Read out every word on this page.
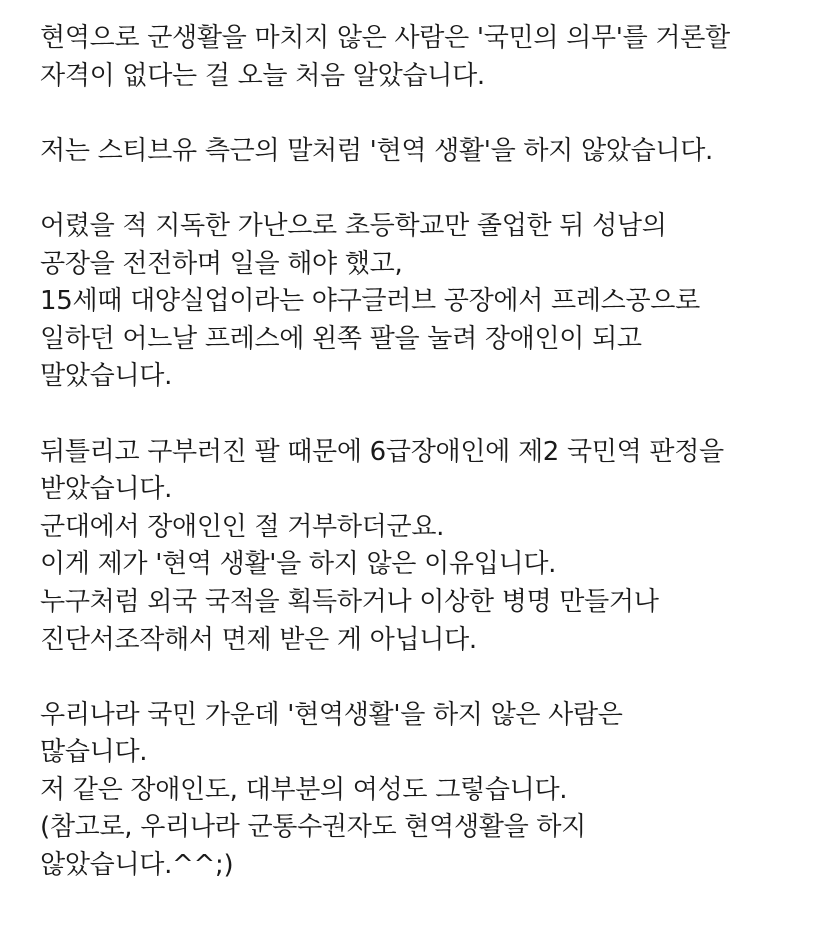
현역으로 군생활을 마치지 않은 사람은 '국민의 의무'를 거론할
자격이 없다는 걸 오늘 처음 알았습니다.
저는 스티브유 측근의 말처럼 '현역 생활'을 하지 않았습니다.
어렸을 적 지독한 가난으로 초등학교만 졸업한 뒤 성남의
공장을 전전하며 일을 해야 했고,
15세때 대양실업이라는 야구글러브 공장에서 프레스공으로
일하던 어느날 프레스에 왼쪽 팔을 눌려 장애인이 되고
말았습니다.
뒤틀리고 구부러진 팔 때문에 6급장애인에 제2 국민역 판정을
받았습니다.
군대에서 장애인인 절 거부하더군요.
이게 제가 '현역 생활'을 하지 않은 이유입니다.
누구처럼 외국 국적을 획득하거나 이상한 병명 만들거나
진단서조작해서 면제 받은 게 아닙니다.
우리나라 국민 가운데 '현역생활'을 하지 않은 사람은
많습니다.
저 같은 장애인도, 대부분의 여성도 그렇습니다.
(참고로, 우리나라 군통수권자도 현역생활을 하지
않았습니다.^^;)
